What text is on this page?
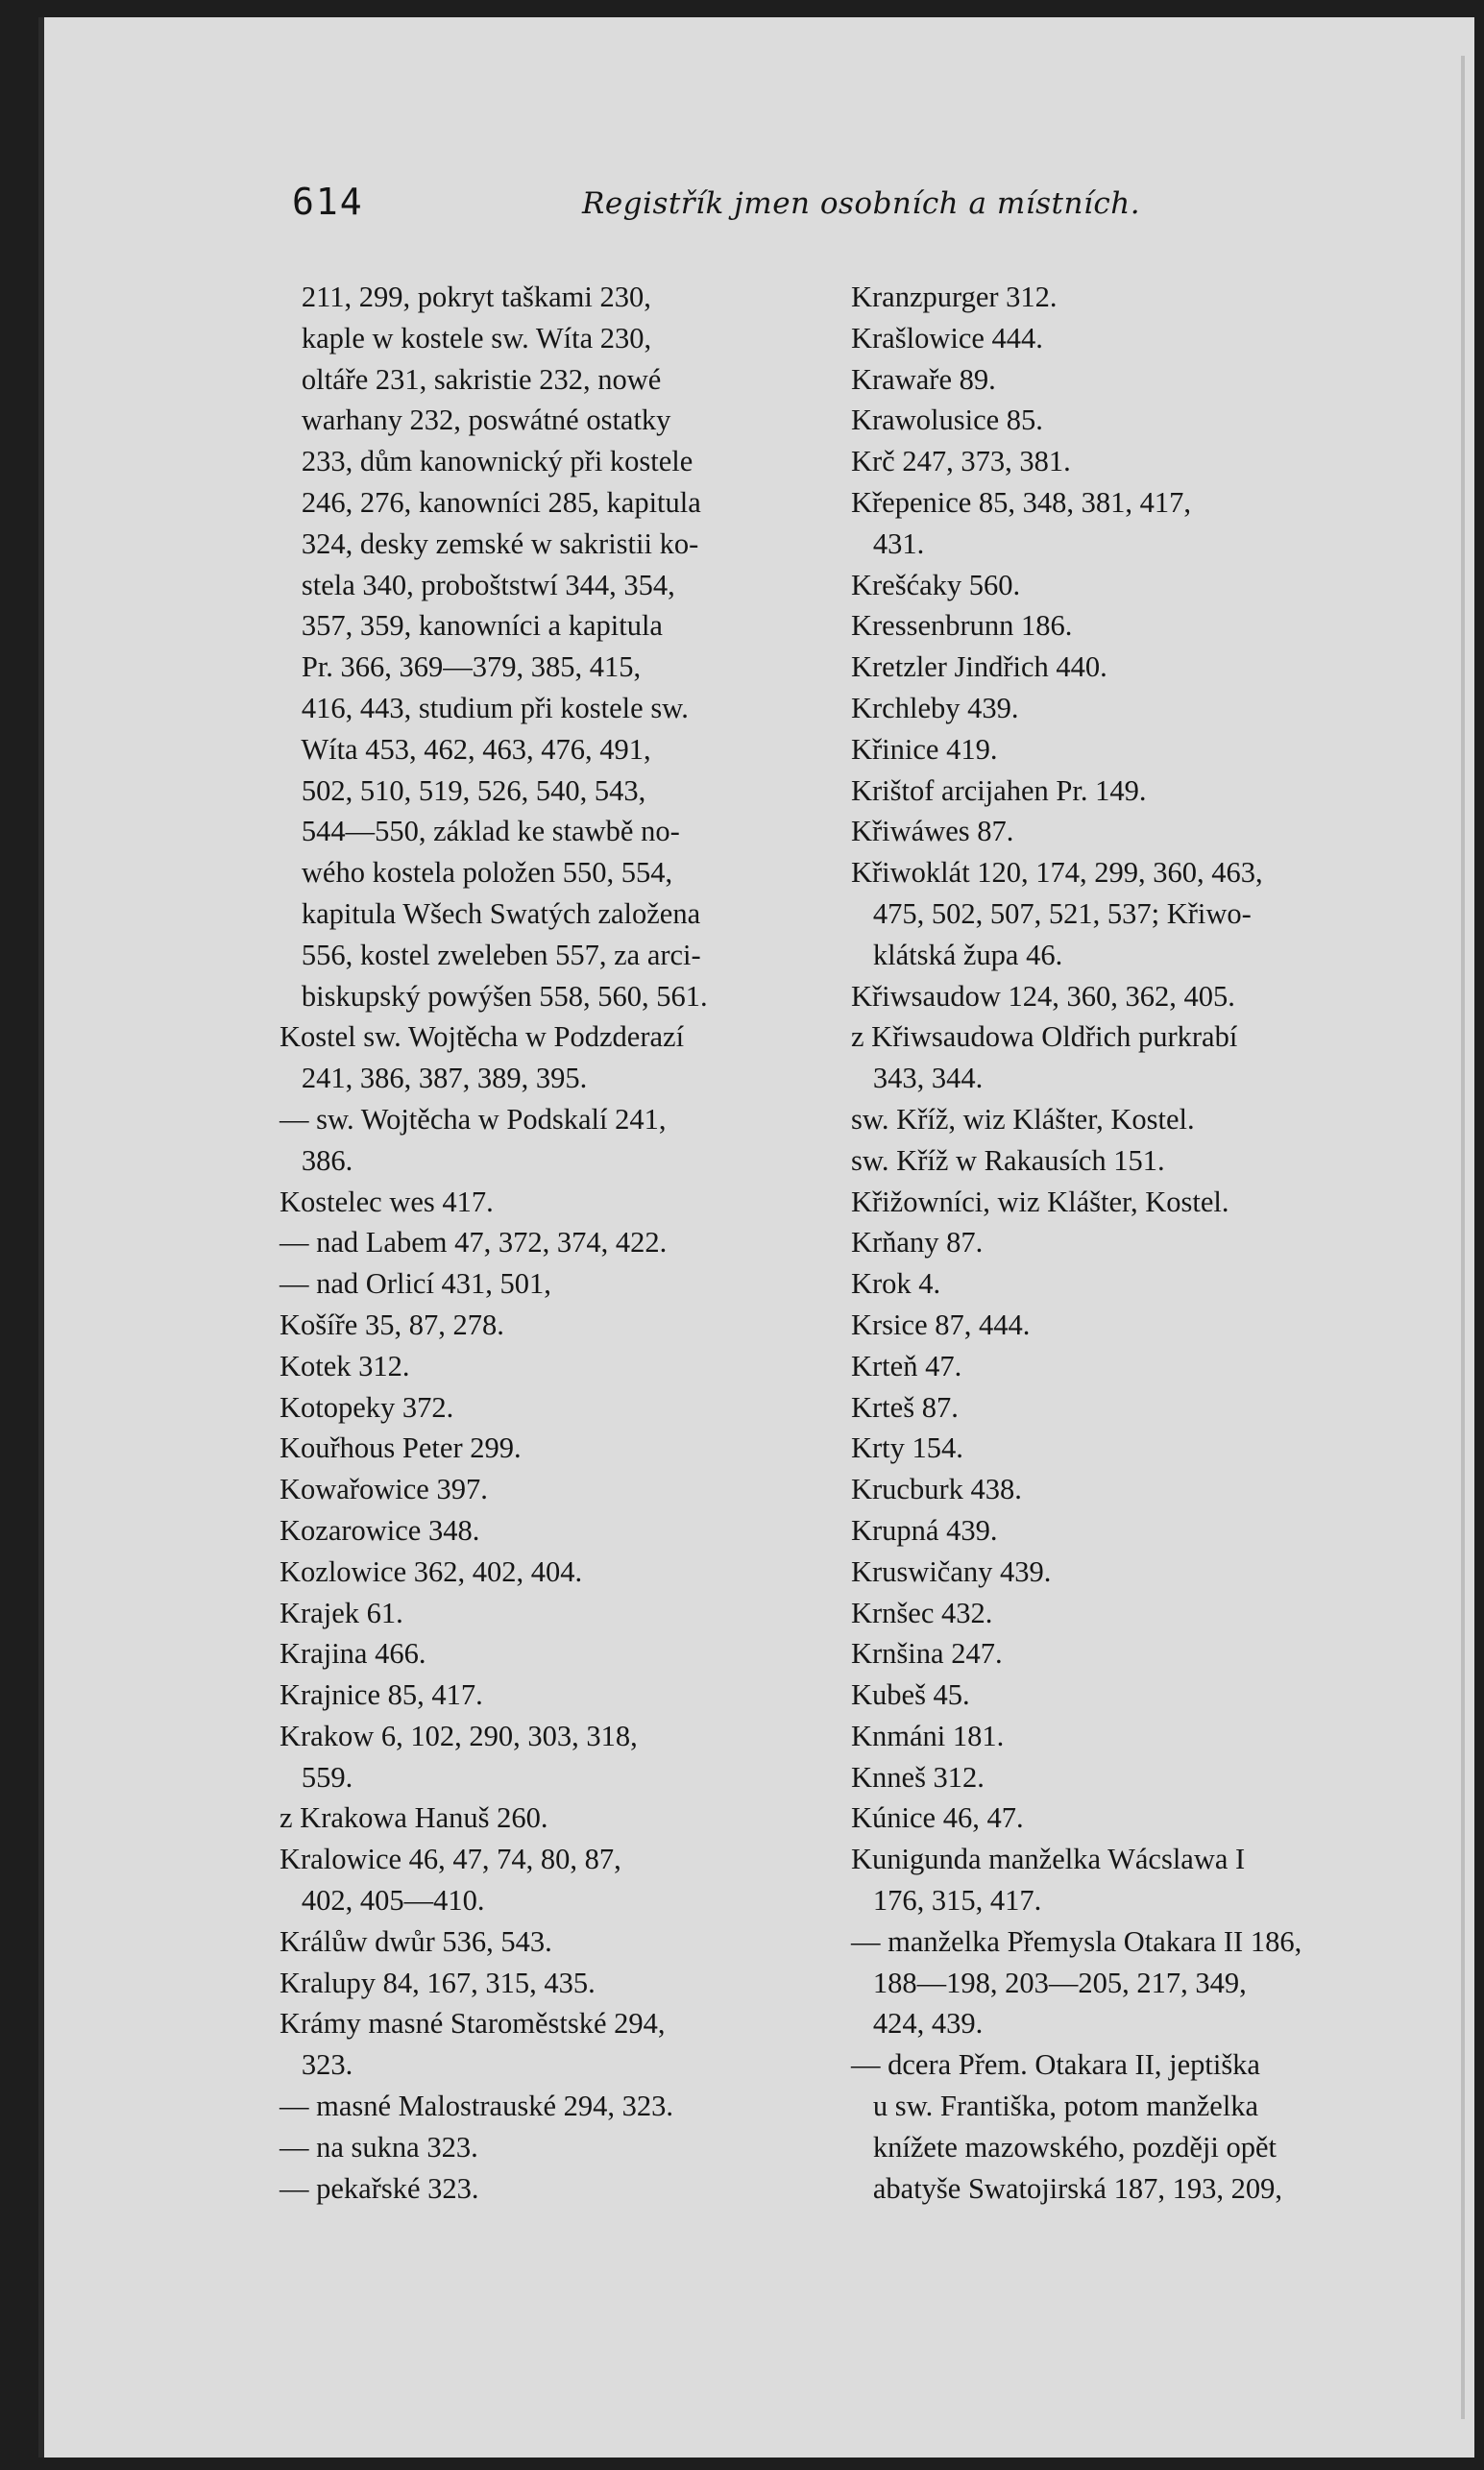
614	Registřík jmen osobních a místních.
211, 299, pokryt taškami 230,
kaple w kostele sw. Wíta 230,
oltáře 231, sakristie 232, nowé
warhany 232, poswátné ostatky
233, dům kanownický při kostele
246, 276, kanowníci 285, kapitula
324, desky zemské w sakristii ko-
stela 340, proboštstwí 344, 354,
357, 359, kanowníci a kapitula
Pr. 366, 369—379, 385, 415,
416, 443, studium při kostele sw.
Wíta 453, 462, 463, 476, 491,
502, 510, 519, 526, 540, 543,
544—550, základ ke stawbě no-
wého kostela položen 550, 554,
kapitula Wšech Swatých založena
556, kostel zweleben 557, za arci-
biskupský powýšen 558, 560, 561.
Kostel sw. Wojtěcha w Podzderazí
241, 386, 387, 389, 395.
— sw. Wojtěcha w Podskalí 241,
386.
Kostelec wes 417.
— nad Labem 47, 372, 374, 422.
— nad Orlicí 431, 501,
Košíře 35, 87, 278.
Kotek 312.
Kotopeky 372.
Kouřhous Peter 299.
Kowařowice 397.
Kozarowice 348.
Kozlowice 362, 402, 404.
Krajek 61.
Krajina 466.
Krajnice 85, 417.
Krakow 6, 102, 290, 303, 318,
559.
z Krakowa Hanuš 260.
Kralowice 46, 47, 74, 80, 87,
402, 405—410.
Králůw dwůr 536, 543.
Kralupy 84, 167, 315, 435.
Krámy masné Staroměstské 294,
323.
— masné Malostrauské 294, 323.
— na sukna 323.
— pekařské 323.
Kranzpurger 312.
Krašlowice 444.
Krawaře 89.
Krawolusice 85.
Krč 247, 373, 381.
Křepenice 85, 348, 381, 417,
431.
Krešćaky 560.
Kressenbrunn 186.
Kretzler Jindřich 440.
Krchleby 439.
Křinice 419.
Krištof arcijahen Pr. 149.
Křiwáwes 87.
Křiwoklát 120, 174, 299, 360, 463,
475, 502, 507, 521, 537; Křiwo-
klátská župa 46.
Křiwsaudow 124, 360, 362, 405.
z Křiwsaudowa Oldřich purkrabí
343, 344.
sw. Kříž, wiz Klášter, Kostel.
sw. Kříž w Rakausích 151.
Křižowníci, wiz Klášter, Kostel.
Krňany 87.
Krok 4.
Krsice 87, 444.
Krteň 47.
Krteš 87.
Krty 154.
Krucburk 438.
Krupná 439.
Kruswičany 439.
Krnšec 432.
Krnšina 247.
Kubeš 45.
Knmáni 181.
Knneš 312.
Kúnice 46, 47.
Kunigunda manželka Wácslawa I
176, 315, 417.
— manželka Přemysla Otakara II 186,
188—198, 203—205, 217, 349,
424, 439.
— dcera Přem. Otakara II, jeptiška
u sw. Františka, potom manželka
knížete mazowského, později opět
abatyše Swatojirská 187, 193, 209,
